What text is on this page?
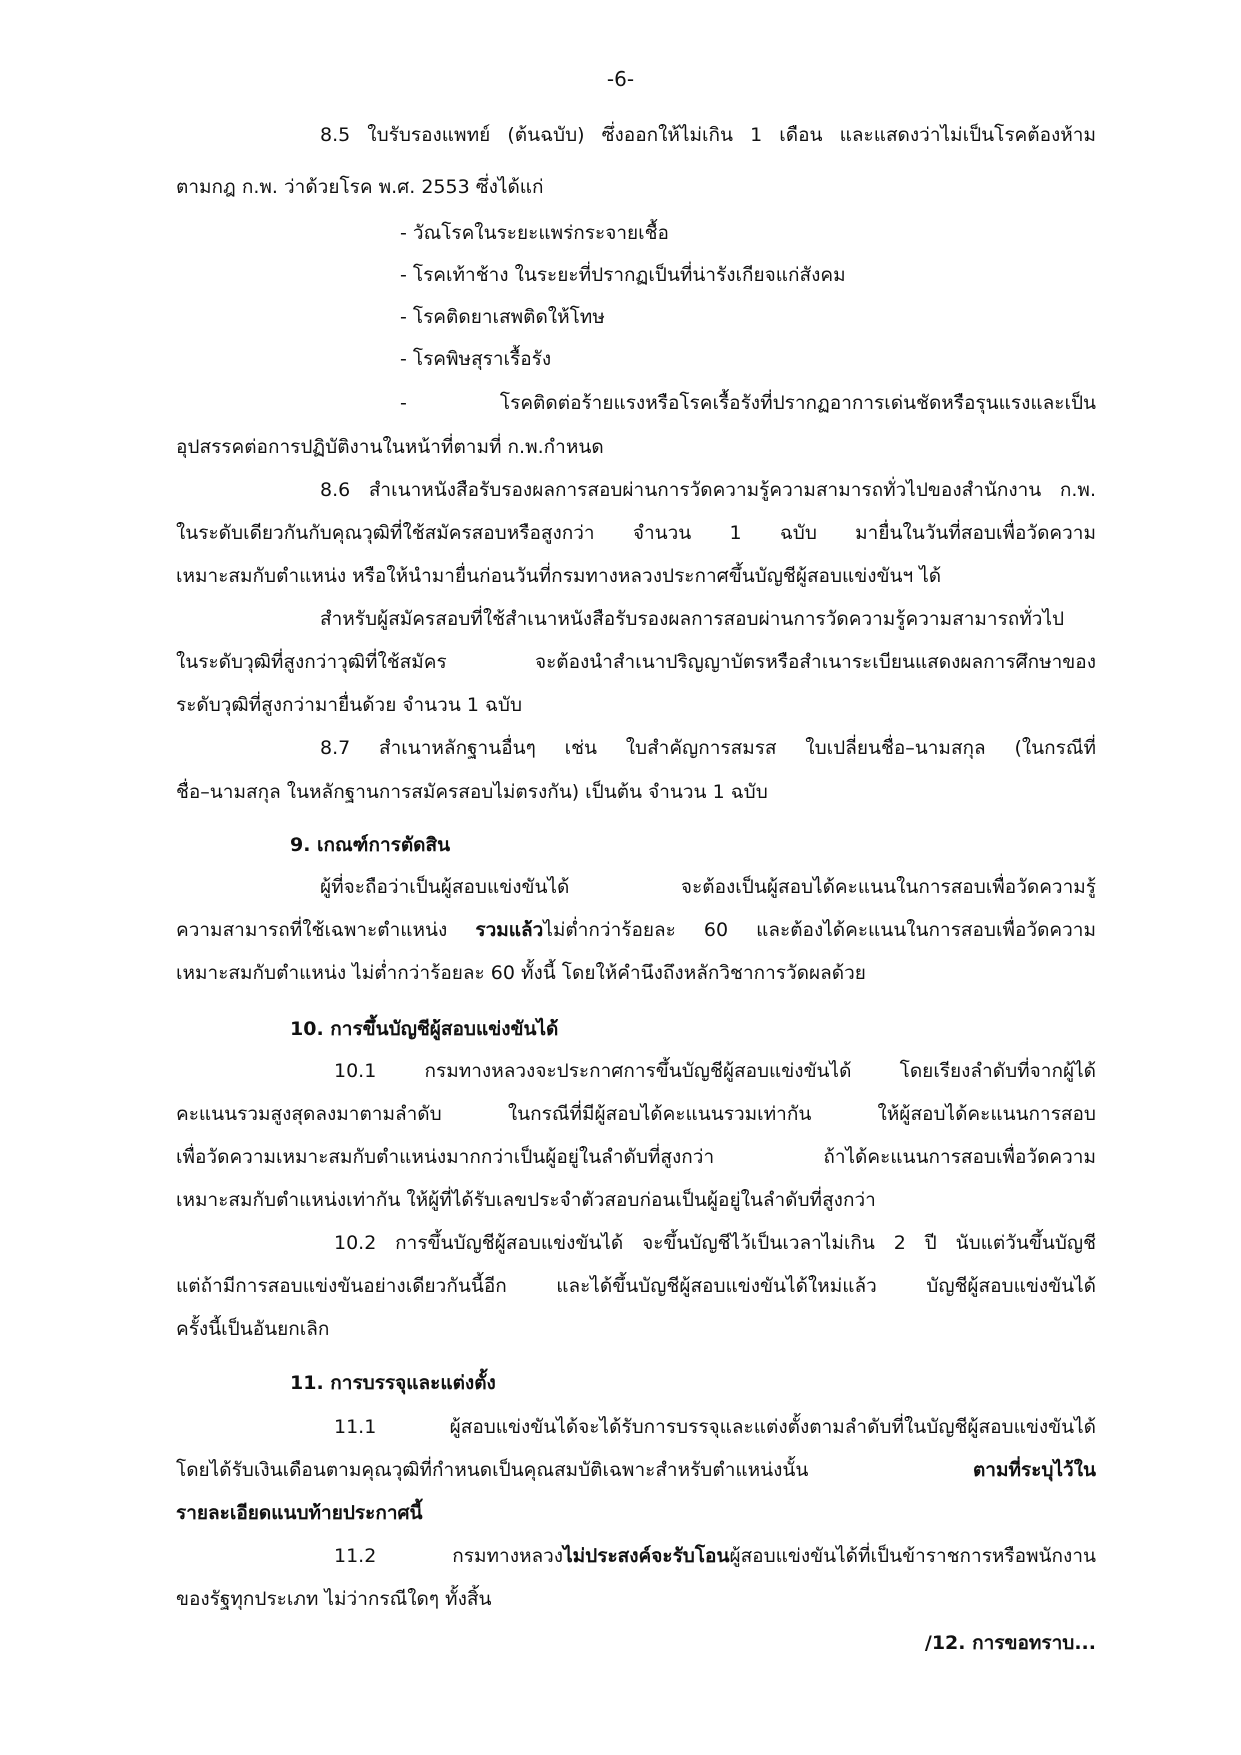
-6-
8.5 ใบรับรองแพทย์ (ต้นฉบับ) ซึ่งออกให้ไม่เกิน 1 เดือน และแสดงว่าไม่เป็นโรคต้องห้าม
ตามกฎ ก.พ. ว่าด้วยโรค พ.ศ. 2553 ซึ่งได้แก่
- วัณโรคในระยะแพร่กระจายเชื้อ
- โรคเท้าช้าง ในระยะที่ปรากฏเป็นที่น่ารังเกียจแก่สังคม
- โรคติดยาเสพติดให้โทษ
- โรคพิษสุราเรื้อรัง
- โรคติดต่อร้ายแรงหรือโรคเรื้อรังที่ปรากฏอาการเด่นชัดหรือรุนแรงและเป็น
อุปสรรคต่อการปฏิบัติงานในหน้าที่ตามที่ ก.พ.กำหนด
8.6 สำเนาหนังสือรับรองผลการสอบผ่านการวัดความรู้ความสามารถทั่วไปของสำนักงาน ก.พ.
ในระดับเดียวกันกับคุณวุฒิที่ใช้สมัครสอบหรือสูงกว่า จำนวน 1 ฉบับ มายื่นในวันที่สอบเพื่อวัดความ
เหมาะสมกับตำแหน่ง หรือให้นำมายื่นก่อนวันที่กรมทางหลวงประกาศขึ้นบัญชีผู้สอบแข่งขันฯ ได้
สำหรับผู้สมัครสอบที่ใช้สำเนาหนังสือรับรองผลการสอบผ่านการวัดความรู้ความสามารถทั่วไป
ในระดับวุฒิที่สูงกว่าวุฒิที่ใช้สมัคร จะต้องนำสำเนาปริญญาบัตรหรือสำเนาระเบียนแสดงผลการศึกษาของ
ระดับวุฒิที่สูงกว่ามายื่นด้วย จำนวน 1 ฉบับ
8.7 สำเนาหลักฐานอื่นๆ เช่น ใบสำคัญการสมรส ใบเปลี่ยนชื่อ–นามสกุล (ในกรณีที่
ชื่อ–นามสกุล ในหลักฐานการสมัครสอบไม่ตรงกัน) เป็นต้น จำนวน 1 ฉบับ
9. เกณฑ์การตัดสิน
ผู้ที่จะถือว่าเป็นผู้สอบแข่งขันได้ จะต้องเป็นผู้สอบได้คะแนนในการสอบเพื่อวัดความรู้
ความสามารถที่ใช้เฉพาะตำแหน่ง รวมแล้วไม่ต่ำกว่าร้อยละ 60 และต้องได้คะแนนในการสอบเพื่อวัดความ
เหมาะสมกับตำแหน่ง ไม่ต่ำกว่าร้อยละ 60 ทั้งนี้ โดยให้คำนึงถึงหลักวิชาการวัดผลด้วย
10. การขึ้นบัญชีผู้สอบแข่งขันได้
10.1 กรมทางหลวงจะประกาศการขึ้นบัญชีผู้สอบแข่งขันได้ โดยเรียงลำดับที่จากผู้ได้
คะแนนรวมสูงสุดลงมาตามลำดับ ในกรณีที่มีผู้สอบได้คะแนนรวมเท่ากัน ให้ผู้สอบได้คะแนนการสอบ
เพื่อวัดความเหมาะสมกับตำแหน่งมากกว่าเป็นผู้อยู่ในลำดับที่สูงกว่า ถ้าได้คะแนนการสอบเพื่อวัดความ
เหมาะสมกับตำแหน่งเท่ากัน ให้ผู้ที่ได้รับเลขประจำตัวสอบก่อนเป็นผู้อยู่ในลำดับที่สูงกว่า
10.2 การขึ้นบัญชีผู้สอบแข่งขันได้ จะขึ้นบัญชีไว้เป็นเวลาไม่เกิน 2 ปี นับแต่วันขึ้นบัญชี
แต่ถ้ามีการสอบแข่งขันอย่างเดียวกันนี้อีก และได้ขึ้นบัญชีผู้สอบแข่งขันได้ใหม่แล้ว บัญชีผู้สอบแข่งขันได้
ครั้งนี้เป็นอันยกเลิก
11. การบรรจุและแต่งตั้ง
11.1 ผู้สอบแข่งขันได้จะได้รับการบรรจุและแต่งตั้งตามลำดับที่ในบัญชีผู้สอบแข่งขันได้
โดยได้รับเงินเดือนตามคุณวุฒิที่กำหนดเป็นคุณสมบัติเฉพาะสำหรับตำแหน่งนั้น ตามที่ระบุไว้ใน
รายละเอียดแนบท้ายประกาศนี้
11.2 กรมทางหลวงไม่ประสงค์จะรับโอนผู้สอบแข่งขันได้ที่เป็นข้าราชการหรือพนักงาน
ของรัฐทุกประเภท ไม่ว่ากรณีใดๆ ทั้งสิ้น
/12. การขอทราบ...
